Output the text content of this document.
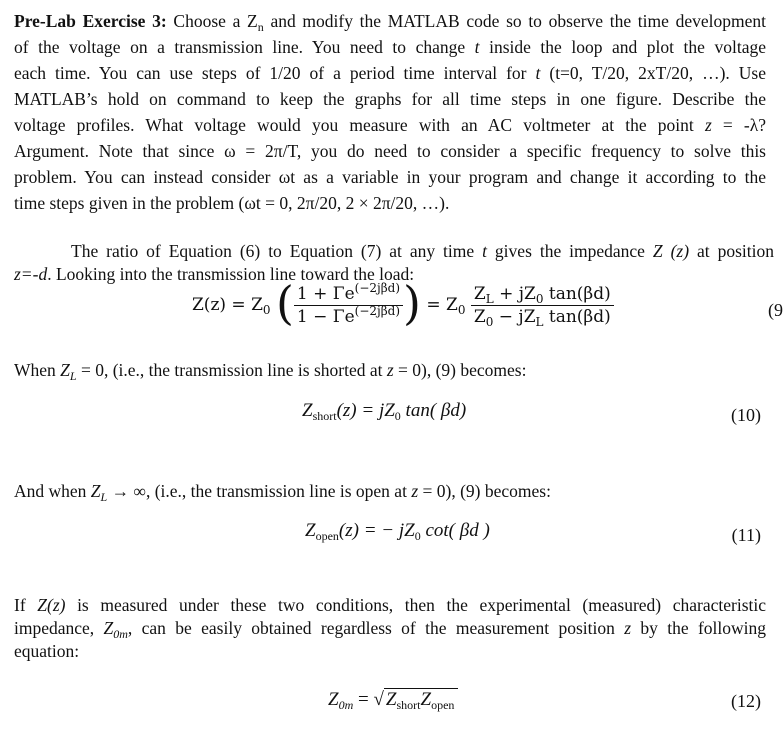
Pre-Lab Exercise 3: Choose a $Z_n$ and modify the MATLAB code so to observe the time development

of the voltage on a transmission line. You need to change t inside the loop and plot the voltage

each time. You can use steps of 1/20 of a period time interval for t (t=0, T/20, 2xT/20, …). Use

MATLAB’s hold on command to keep the graphs for all time steps in one figure. Describe the

voltage profiles. What voltage would you measure with an AC voltmeter at the point z = -λ?

Argument. Note that since ω = 2π/T, you do need to consider a specific frequency to solve this

problem. You can instead consider ωt as a variable in your program and change it according to the

time steps given in the problem (ωt = 0, 2π/20, 2 × 2π/20, …).

The ratio of Equation (6) to Equation (7) at any time t gives the impedance Z (z) at position

z=-d. Looking into the transmission line toward the load:

$Z(z) = Z_0$ ( $\frac{1 + \Gamma e^{(-2j\beta d)}}{1 - \Gamma e^{(-2j\beta d)}}$ ) = $Z_0 \frac{Z_L + jZ_0 \tan(\beta d)}{Z_0 - jZ_L \tan(\beta d)}$	(9

When $Z_L = 0$, (i.e., the transmission line is shorted at z = 0), (9) becomes:

$Z_{short}(z) = jZ_0$ tan( βd)	(10)

And when $Z_L$ → ∞, (i.e., the transmission line is open at z = 0), (9) becomes:

$Z_{open}(z)$ = − $jZ_0$ cot( βd )	(11)

If Z(z) is measured under these two conditions, then the experimental (measured) characteristic

impedance, $Z_{0m}$, can be easily obtained regardless of the measurement position z by the following

equation:

$Z_{0m}$ = √ $Z_{short}Z_{open}$	(12)
